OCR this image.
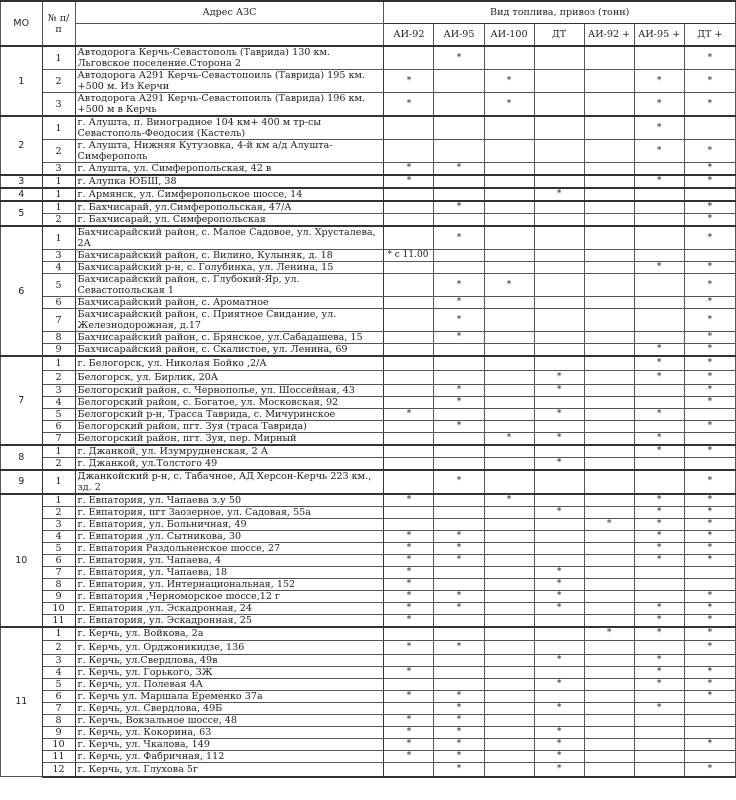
МО	№ п/п	Адрес АЗС	Вид топлива, привоз (тонн)						
			АИ-92	АИ-95	АИ-100	ДТ	АИ-92 +	АИ-95 +	ДТ +
1	1	Автодорога Керчь-Севастополь (Таврида) 130 км. Льговское поселение.Сторона 2		*					*
	2	Автодорога А291 Керчь-Севастопоиль (Таврида) 195 км. +500 м. Из Керчи	*		*			*	*
	3	Автодорога А291 Керчь-Севастопоиль (Таврида) 196 км. +500 м в Керчь	*		*			*	*
2	1	г. Алушта, п. Виноградное 104 км+ 400 м тр-сы Севастополь-Феодосия (Кастель)						*	
	2	г. Алушта, Нижняя Кутузовка, 4-й км а/д Алушта- Симферополь						*	*
	3	г. Алушта, ул. Симферопольская, 42 в	*	*					*
3	1	г. Алупка ЮБШ, 38	*					*	*
4	1	г. Армянск, ул. Симферопольское шоссе, 14				*			
5	1	г. Бахчисарай, ул.Симферопольская, 47/А		*					*
	2	г. Бахчисарай, ул. Симферопольская							*
6	1	Бахчисарайский район, с. Малое Садовое, ул. Хрусталева, 2А		*					*
	3	Бахчисарайский район, с. Вилино, Кулыняк, д. 18	* с 11.00						
	4	Бахчисарайский р-н, с. Голубинка, ул. Ленина, 15						*	*
	5	Бахчисарайский район, с. Глубокий-Яр, ул. Севастопольская 1		*	*				*
	6	Бахчисарайский район, с. Ароматное		*					*
	7	Бахчисарайский район, с. Приятное Свидание, ул. Железнодорожная, д.17		*					*
	8	Бахчисарайский район, с. Брянское, ул.Сабадашева, 15		*					*
	9	Бахчисарайский район, с. Скалистое, ул. Ленина, 69						*	*
7	1	г. Белогорск, ул. Николая Бойко ,2/А						*	*
	2	Белогорск, ул. Бирлик, 20А				*		*	*
	3	Белогорский район, с. Чернополье, ул. Шоссейная, 43		*		*			*
	4	Белогорский район, с. Богатое, ул. Московская, 92		*					*
	5	Белогорский р-н, Трасса Таврида, с. Мичуринское	*			*		*	
	6	Белогорский район, пгт. Зуя (траса Таврида)		*					*
	7	Белогорский район, пгт. Зуя, пер. Мирный			*	*		*	
8	1	г. Джанкой, ул. Изумрудненская, 2 А						*	*
	2	г. Джанкой, ул.Толстого 49				*			
9	1	Джанкойский р-н, с. Табачное, АД Херсон-Керчь 223 км., зд. 2		*					*
10	1	г. Евпатория, ул. Чапаева з.у 50	*		*			*	*
	2	г. Евпатория, пгт Заозерное, ул. Садовая, 55а				*		*	*
	3	г. Евпатория, ул. Больничная, 49					*	*	*
	4	г. Евпатория ,ул. Сытникова, 30	*	*				*	*
	5	г. Евпатория Раздольненское шоссе, 27	*	*				*	*
	6	г. Евпатория, ул. Чапаева, 4	*	*				*	*
	7	г. Евпатория, ул. Чапаева, 18	*			*			
	8	г. Евпатория, ул. Интернациональная, 152	*			*			
	9	г. Евпатория ,Черноморское шоссе,12 г	*	*		*			*
	10	г. Евпатория ,ул. Эскадронная, 24	*	*		*		*	*
	11	г. Евпатория, ул. Эскадронная, 25	*					*	*
11	1	г. Керчь, ул. Войкова, 2а					*	*	*
	2	г. Керчь, ул. Орджоникидзе, 136	*	*					*
	3	г. Керчь, ул.Свердлова, 49в				*		*	
	4	г. Керчь, ул. Горького, 3Ж	*					*	*
	5	г. Керчь, ул. Полевая 4А				*		*	*
	6	г. Керчь ул. Маршала Еременко 37а	*	*					*
	7	г. Керчь, ул. Свердлова, 49Б		*		*		*	
	8	г. Керчь, Вокзальное шоссе, 48	*	*					
	9	г. Керчь, ул. Кокорина, 63	*	*		*			
	10	г. Керчь, ул. Чкалова, 149	*	*		*			*
	11	г. Керчь, ул. Фабричная, 112	*	*		*			
	12	г. Керчь, ул. Глухова 5г		*		*			*
